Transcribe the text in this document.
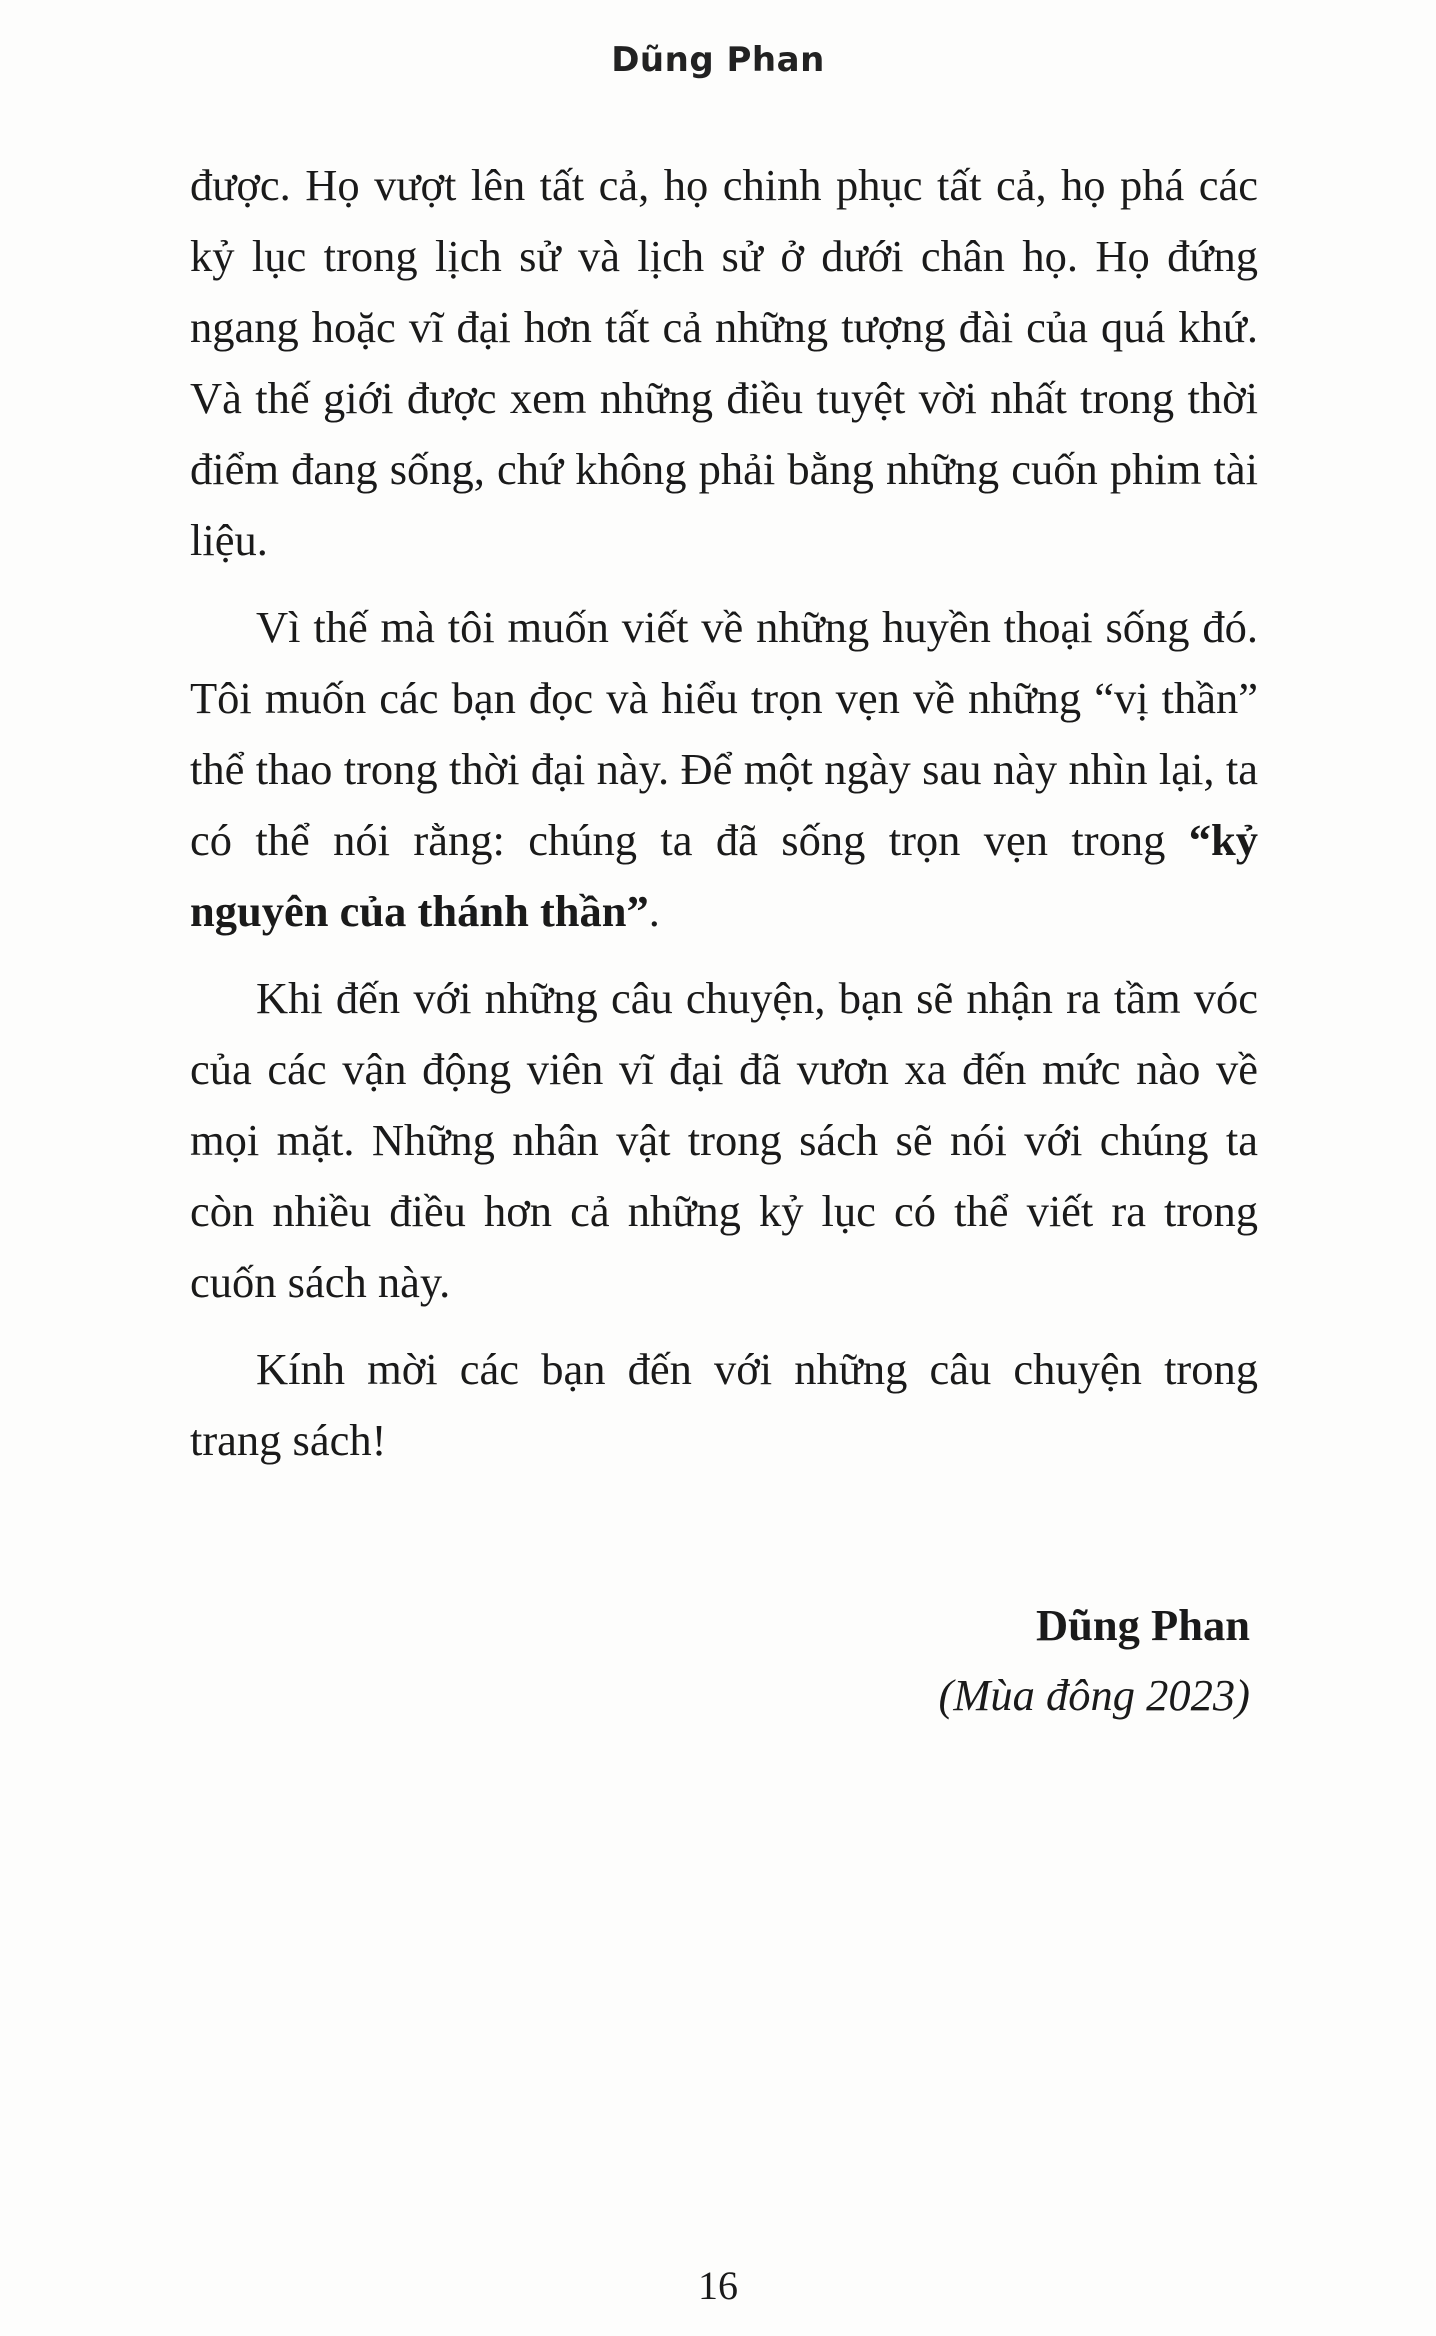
Dũng Phan

được. Họ vượt lên tất cả, họ chinh phục tất cả, họ phá các kỷ lục trong lịch sử và lịch sử ở dưới chân họ. Họ đứng ngang hoặc vĩ đại hơn tất cả những tượng đài của quá khứ. Và thế giới được xem những điều tuyệt vời nhất trong thời điểm đang sống, chứ không phải bằng những cuốn phim tài liệu.

Vì thế mà tôi muốn viết về những huyền thoại sống đó. Tôi muốn các bạn đọc và hiểu trọn vẹn về những “vị thần” thể thao trong thời đại này. Để một ngày sau này nhìn lại, ta có thể nói rằng: chúng ta đã sống trọn vẹn trong “kỷ nguyên của thánh thần”.

Khi đến với những câu chuyện, bạn sẽ nhận ra tầm vóc của các vận động viên vĩ đại đã vươn xa đến mức nào về mọi mặt. Những nhân vật trong sách sẽ nói với chúng ta còn nhiều điều hơn cả những kỷ lục có thể viết ra trong cuốn sách này.

Kính mời các bạn đến với những câu chuyện trong trang sách!

Dũng Phan
(Mùa đông 2023)
16
